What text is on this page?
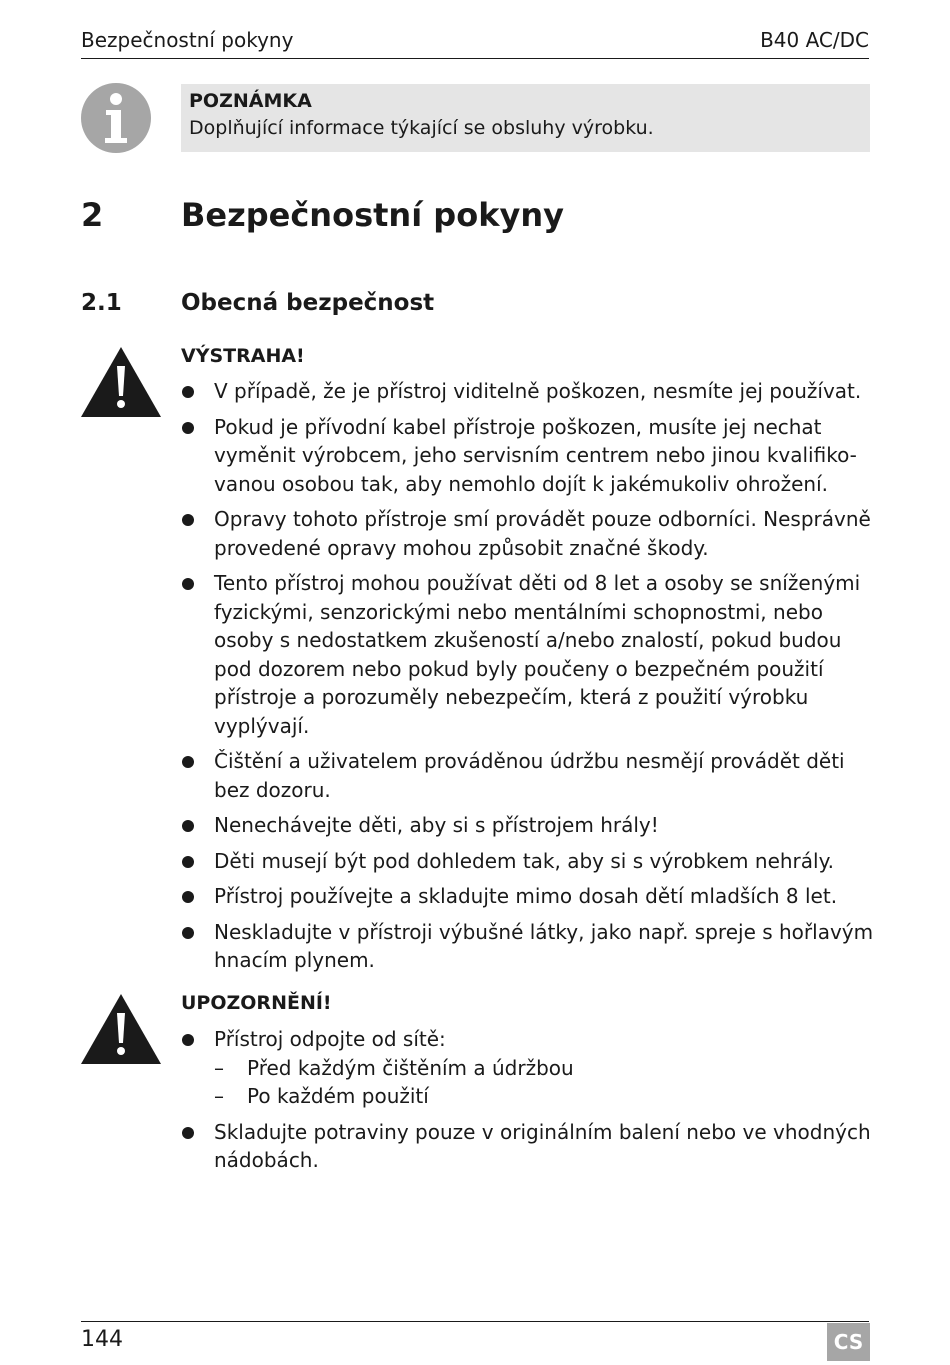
Bezpečnostní pokyny	B40 AC/DC
POZNÁMKA
Doplňující informace týkající se obsluhy výrobku.
2 Bezpečnostní pokyny
2.1	Obecná bezpečnost
VÝSTRAHA!
V případě, že je přístroj viditelně poškozen, nesmíte jej používat.
Pokud je přívodní kabel přístroje poškozen, musíte jej nechat vyměnit výrobcem, jeho servisním centrem nebo jinou kvalifiko-vanou osobou tak, aby nemohlo dojít k jakémukoliv ohrožení.
Opravy tohoto přístroje smí provádět pouze odborníci. Nesprávně provedené opravy mohou způsobit značné škody.
Tento přístroj mohou používat děti od 8 let a osoby se sníženými fyzickými, senzorickými nebo mentálními schopnostmi, nebo osoby s nedostatkem zkušeností a/nebo znalostí, pokud budou pod dozorem nebo pokud byly poučeny o bezpečném použití přístroje a porozuměly nebezpečím, která z použití výrobku vyplývají.
Čištění a uživatelem prováděnou údržbu nesmějí provádět děti bez dozoru.
Nenechávejte děti, aby si s přístrojem hrály!
Děti musejí být pod dohledem tak, aby si s výrobkem nehrály.
Přístroj používejte a skladujte mimo dosah dětí mladších 8 let.
Neskladujte v přístroji výbušné látky, jako např. spreje s hořlavým hnacím plynem.
UPOZORNĚNÍ!
Přístroj odpojte od sítě:
– Před každým čištěním a údržbou
– Po každém použití
Skladujte potraviny pouze v originálním balení nebo ve vhodných nádobách.
144	CS
